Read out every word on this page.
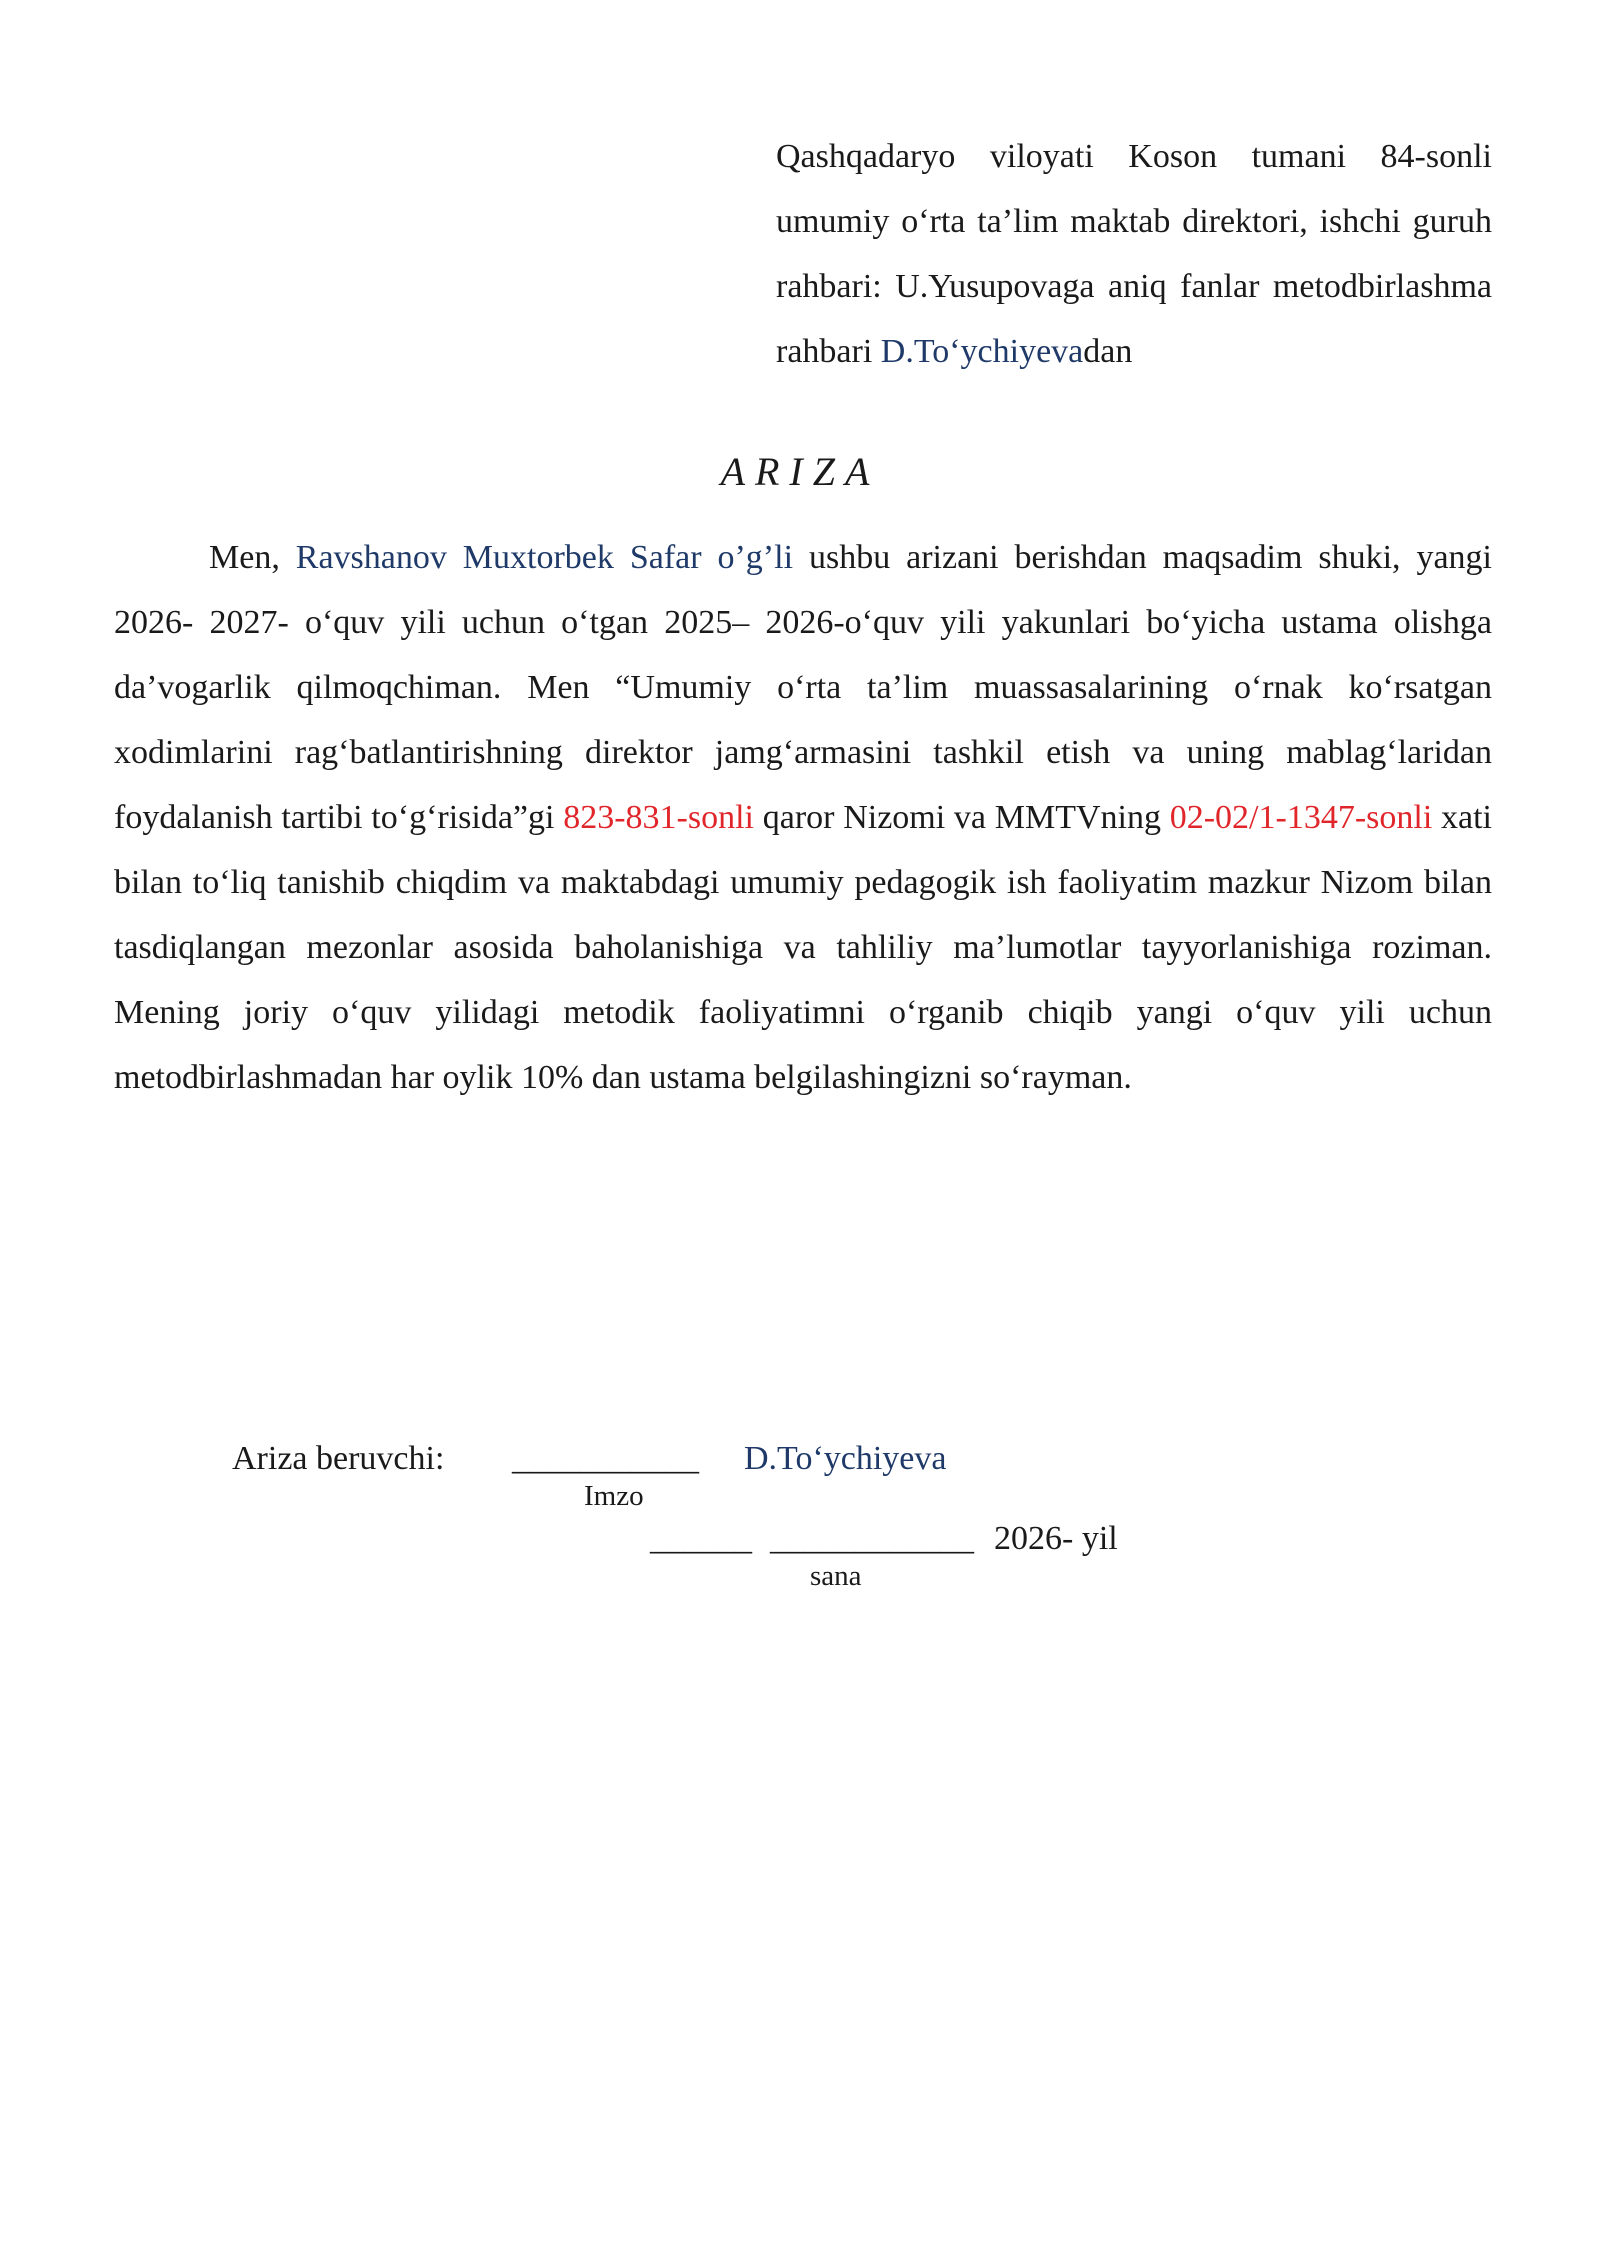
Qashqadaryo viloyati Koson tumani 84-sonli umumiy o‘rta ta’lim maktab direktori, ishchi guruh rahbari: U.Yusupovaga aniq fanlar metodbirlashma rahbari D.To‘ychiyevadan
ARIZA

Men, Ravshanov Muxtorbek Safar o’g’li ushbu arizani berishdan maqsadim shuki, yangi 2026- 2027- o‘quv yili uchun o‘tgan 2025– 2026-o‘quv yili yakunlari bo‘yicha ustama olishga da’vogarlik qilmoqchiman. Men “Umumiy o‘rta ta’lim muassasalarining o‘rnak ko‘rsatgan xodimlarini rag‘batlantirishning direktor jamg‘armasini tashkil etish va uning mablag‘laridan foydalanish tartibi to‘g‘risida”gi 823-831-sonli qaror Nizomi va MMTVning 02-02/1-1347-sonli xati bilan to‘liq tanishib chiqdim va maktabdagi umumiy pedagogik ish faoliyatim mazkur Nizom bilan tasdiqlangan mezonlar asosida baholanishiga va tahliliy ma’lumotlar tayyorlanishiga roziman. Mening joriy o‘quv yilidagi metodik faoliyatimni o‘rganib chiqib yangi o‘quv yili uchun metodbirlashmadan har oylik 10% dan ustama belgilashingizni so‘rayman.

Ariza beruvchi: ___________ D.To‘ychiyeva
Imzo
______ ____________ 2026- yil
sana
